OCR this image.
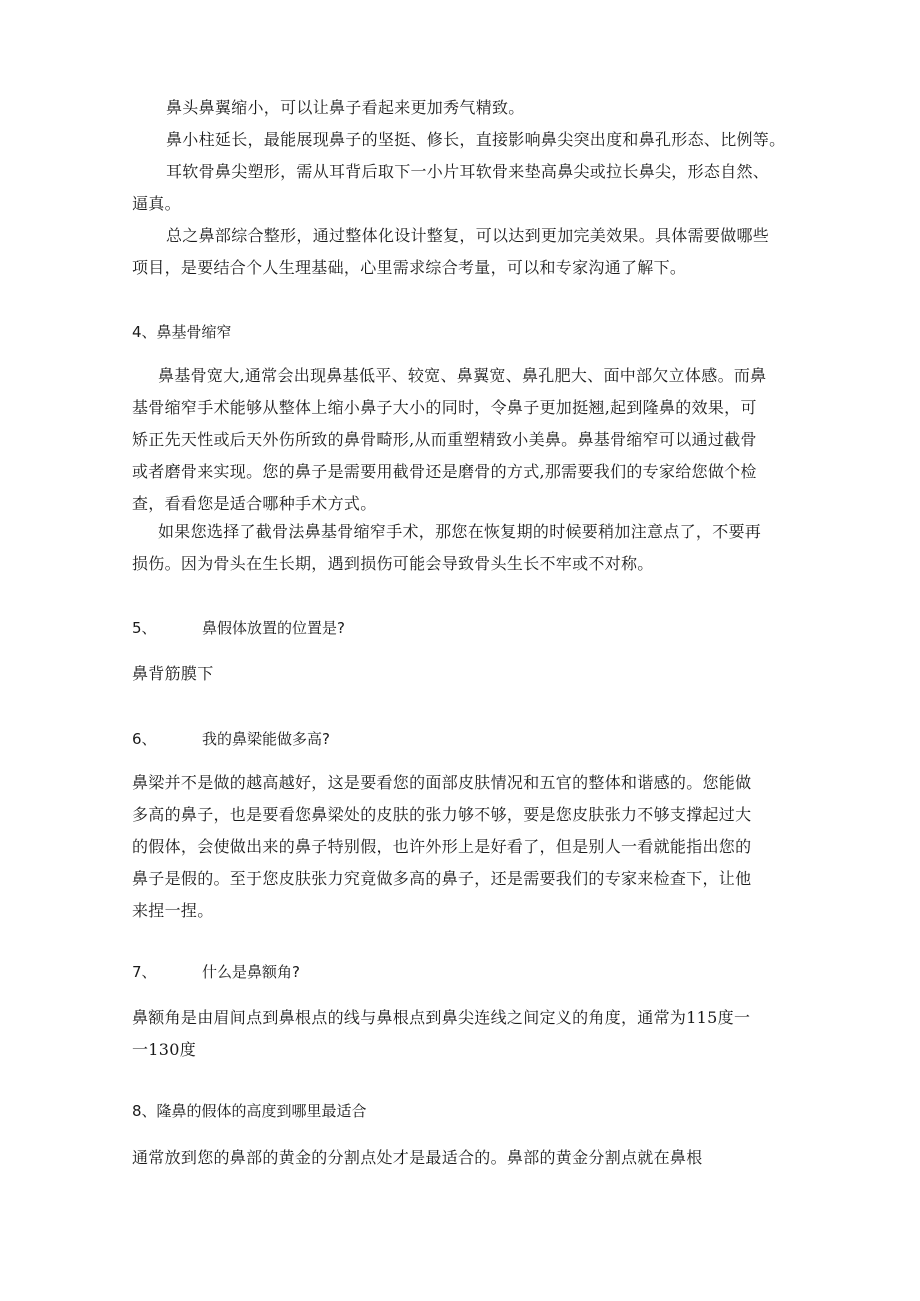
鼻头鼻翼缩小，可以让鼻子看起来更加秀气精致。
鼻小柱延长，最能展现鼻子的坚挺、修长，直接影响鼻尖突出度和鼻孔形态、比例等。
耳软骨鼻尖塑形，需从耳背后取下一小片耳软骨来垫高鼻尖或拉长鼻尖，形态自然、
逼真。
总之鼻部综合整形，通过整体化设计整复，可以达到更加完美效果。具体需要做哪些
项目，是要结合个人生理基础，心里需求综合考量，可以和专家沟通了解下。
4、鼻基骨缩窄
鼻基骨宽大,通常会出现鼻基低平、较宽、鼻翼宽、鼻孔肥大、面中部欠立体感。而鼻
基骨缩窄手术能够从整体上缩小鼻子大小的同时，令鼻子更加挺翘,起到隆鼻的效果，可
矫正先天性或后天外伤所致的鼻骨畸形,从而重塑精致小美鼻。鼻基骨缩窄可以通过截骨
或者磨骨来实现。您的鼻子是需要用截骨还是磨骨的方式,那需要我们的专家给您做个检
查，看看您是适合哪种手术方式。
如果您选择了截骨法鼻基骨缩窄手术，那您在恢复期的时候要稍加注意点了，不要再
损伤。因为骨头在生长期，遇到损伤可能会导致骨头生长不牢或不对称。
5、	鼻假体放置的位置是?
鼻背筋膜下
6、	我的鼻梁能做多高?
鼻梁并不是做的越高越好，这是要看您的面部皮肤情况和五官的整体和谐感的。您能做
多高的鼻子，也是要看您鼻梁处的皮肤的张力够不够，要是您皮肤张力不够支撑起过大
的假体，会使做出来的鼻子特别假，也许外形上是好看了，但是别人一看就能指出您的
鼻子是假的。至于您皮肤张力究竟做多高的鼻子，还是需要我们的专家来检查下，让他
来捏一捏。
7、	什么是鼻额角?
鼻额角是由眉间点到鼻根点的线与鼻根点到鼻尖连线之间定义的角度，通常为115度一
一130度
8、隆鼻的假体的高度到哪里最适合
通常放到您的鼻部的黄金的分割点处才是最适合的。鼻部的黄金分割点就在鼻根
